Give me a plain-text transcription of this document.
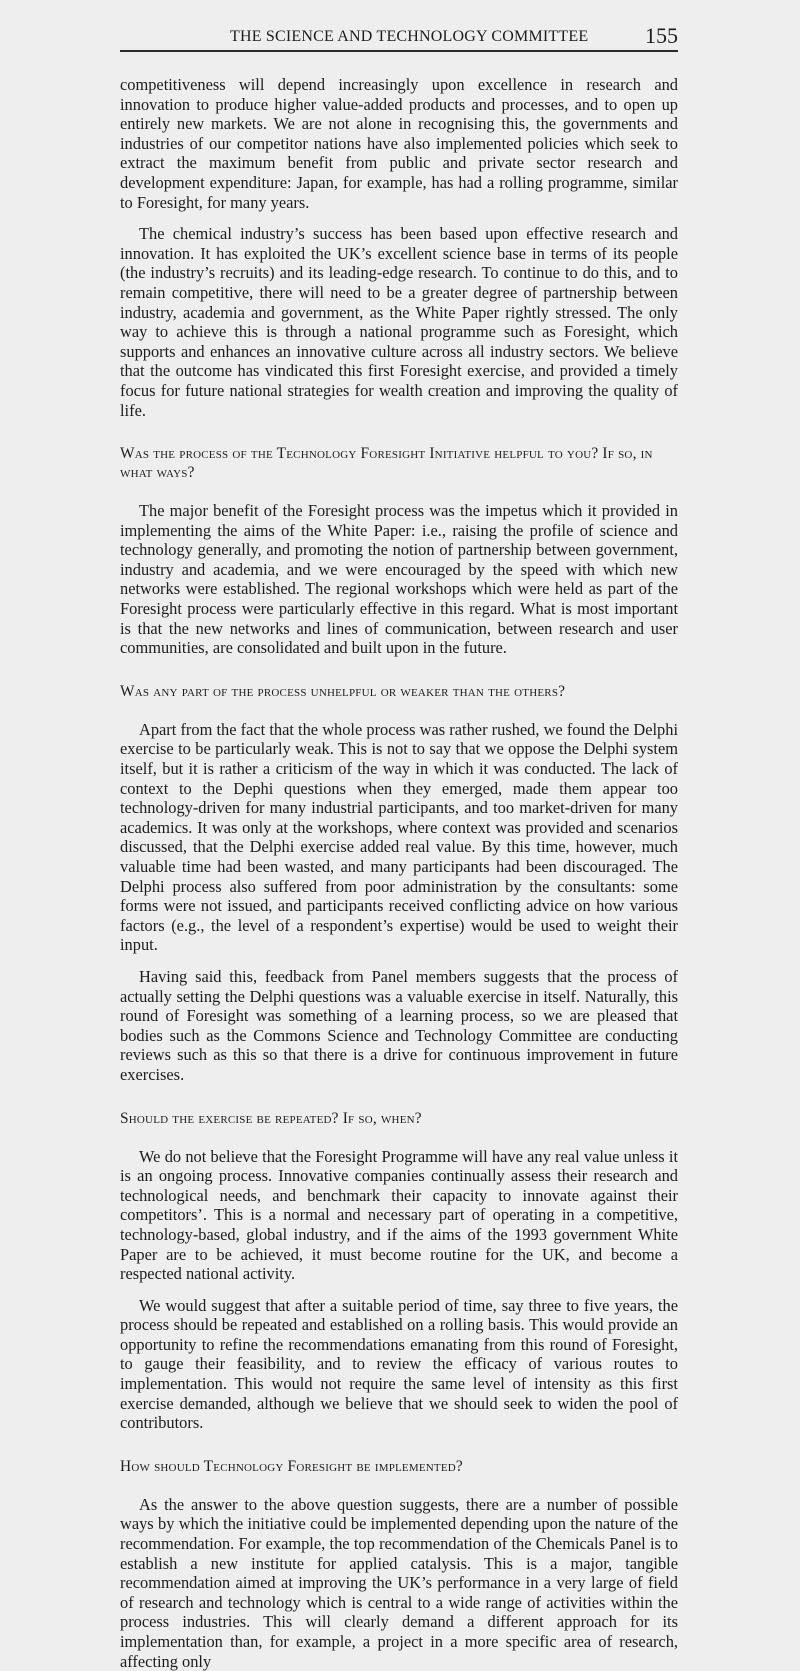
THE SCIENCE AND TECHNOLOGY COMMITTEE	155

competitiveness will depend increasingly upon excellence in research and innovation to produce higher value-added products and processes, and to open up entirely new markets. We are not alone in recognising this, the governments and industries of our competitor nations have also implemented policies which seek to extract the maximum benefit from public and private sector research and development expenditure: Japan, for example, has had a rolling programme, similar to Foresight, for many years.

The chemical industry’s success has been based upon effective research and innovation. It has exploited the UK’s excellent science base in terms of its people (the industry’s recruits) and its leading-edge research. To continue to do this, and to remain competitive, there will need to be a greater degree of partnership between industry, academia and government, as the White Paper rightly stressed. The only way to achieve this is through a national programme such as Foresight, which supports and enhances an innovative culture across all industry sectors. We believe that the outcome has vindicated this first Foresight exercise, and provided a timely focus for future national strategies for wealth creation and improving the quality of life.

Was the process of the Technology Foresight Initiative helpful to you? If so, in what ways?

The major benefit of the Foresight process was the impetus which it provided in implementing the aims of the White Paper: i.e., raising the profile of science and technology generally, and promoting the notion of partnership between government, industry and academia, and we were encouraged by the speed with which new networks were established. The regional workshops which were held as part of the Foresight process were particularly effective in this regard. What is most important is that the new networks and lines of communication, between research and user communities, are consolidated and built upon in the future.

Was any part of the process unhelpful or weaker than the others?

Apart from the fact that the whole process was rather rushed, we found the Delphi exercise to be particularly weak. This is not to say that we oppose the Delphi system itself, but it is rather a criticism of the way in which it was conducted. The lack of context to the Dephi questions when they emerged, made them appear too technology-driven for many industrial participants, and too market-driven for many academics. It was only at the workshops, where context was provided and scenarios discussed, that the Delphi exercise added real value. By this time, however, much valuable time had been wasted, and many participants had been discouraged. The Delphi process also suffered from poor administration by the consultants: some forms were not issued, and participants received conflicting advice on how various factors (e.g., the level of a respondent’s expertise) would be used to weight their input.

Having said this, feedback from Panel members suggests that the process of actually setting the Delphi questions was a valuable exercise in itself. Naturally, this round of Foresight was something of a learning process, so we are pleased that bodies such as the Commons Science and Technology Committee are conducting reviews such as this so that there is a drive for continuous improvement in future exercises.

Should the exercise be repeated? If so, when?

We do not believe that the Foresight Programme will have any real value unless it is an ongoing process. Innovative companies continually assess their research and technological needs, and benchmark their capacity to innovate against their competitors’. This is a normal and necessary part of operating in a competitive, technology-based, global industry, and if the aims of the 1993 government White Paper are to be achieved, it must become routine for the UK, and become a respected national activity.

We would suggest that after a suitable period of time, say three to five years, the process should be repeated and established on a rolling basis. This would provide an opportunity to refine the recommendations emanating from this round of Foresight, to gauge their feasibility, and to review the efficacy of various routes to implementation. This would not require the same level of intensity as this first exercise demanded, although we believe that we should seek to widen the pool of contributors.

How should Technology Foresight be implemented?

As the answer to the above question suggests, there are a number of possible ways by which the initiative could be implemented depending upon the nature of the recommendation. For example, the top recommendation of the Chemicals Panel is to establish a new institute for applied catalysis. This is a major, tangible recommendation aimed at improving the UK’s performance in a very large of field of research and technology which is central to a wide range of activities within the process industries. This will clearly demand a different approach for its implementation than, for example, a project in a more specific area of research, affecting only
